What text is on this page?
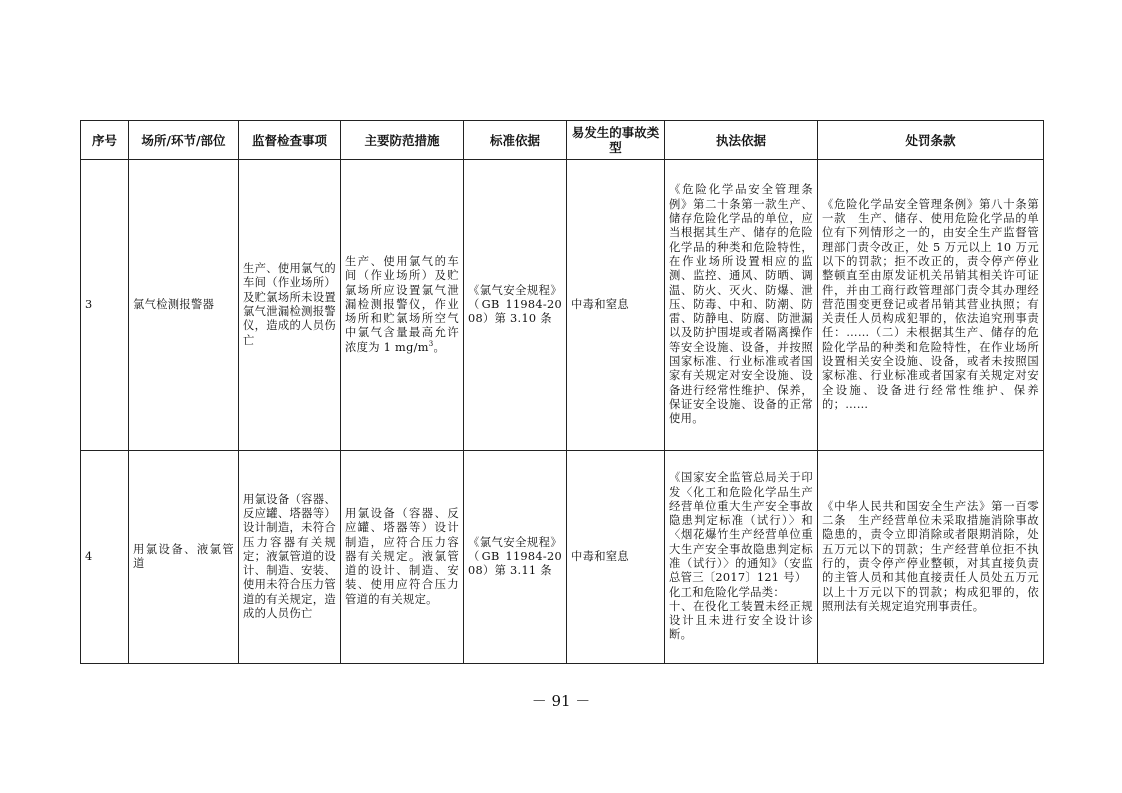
序号	场所/环节/部位	监督检查事项	主要防范措施	标准依据	易发生的事故类型	执法依据	处罚条款
3	氯气检测报警器	生产、使用氯气的车间（作业场所）及贮氯场所未设置氯气泄漏检测报警仪，造成的人员伤亡	生产、使用氯气的车间（作业场所）及贮氯场所应设置氯气泄漏检测报警仪，作业场所和贮氯场所空气中氯气含量最高允许浓度为 1 $mg/m^3$。	《氯气安全规程》（GB 11984-2008）第 3.10 条	中毒和窒息	《危险化学品安全管理条例》第二十条第一款生产、储存危险化学品的单位，应当根据其生产、储存的危险化学品的种类和危险特性，在作业场所设置相应的监测、监控、通风、防晒、调温、防火、灭火、防爆、泄压、防毒、中和、防潮、防雷、防静电、防腐、防泄漏以及防护围堤或者隔离操作等安全设施、设备，并按照国家标准、行业标准或者国家有关规定对安全设施、设备进行经常性维护、保养，保证安全设施、设备的正常使用。	《危险化学品安全管理条例》第八十条第一款　生产、储存、使用危险化学品的单位有下列情形之一的，由安全生产监督管理部门责令改正，处 5 万元以上 10 万元以下的罚款；拒不改正的，责令停产停业整顿直至由原发证机关吊销其相关许可证件，并由工商行政管理部门责令其办理经营范围变更登记或者吊销其营业执照；有关责任人员构成犯罪的，依法追究刑事责任：……（二）未根据其生产、储存的危险化学品的种类和危险特性，在作业场所设置相关安全设施、设备，或者未按照国家标准、行业标准或者国家有关规定对安全设施、设备进行经常性维护、保养的；……
4	用氯设备、液氯管道	用氯设备（容器、反应罐、塔器等）设计制造，未符合压力容器有关规定；液氯管道的设计、制造、安装、使用未符合压力管道的有关规定，造成的人员伤亡	用氯设备（容器、反应罐、塔器等）设计制造，应符合压力容器有关规定。液氯管道的设计、制造、安装、使用应符合压力管道的有关规定。	《氯气安全规程》（GB 11984-2008）第 3.11 条	中毒和窒息	《国家安全监管总局关于印发〈化工和危险化学品生产经营单位重大生产安全事故隐患判定标准（试行）〉和〈烟花爆竹生产经营单位重大生产安全事故隐患判定标准（试行）〉的通知》（安监总管三〔2017〕121 号）
化工和危险化学品类：
十、在役化工装置未经正规设计且未进行安全设计诊断。	《中华人民共和国安全生产法》第一百零二条　生产经营单位未采取措施消除事故隐患的，责令立即消除或者限期消除，处五万元以下的罚款；生产经营单位拒不执行的，责令停产停业整顿，对其直接负责的主管人员和其他直接责任人员处五万元以上十万元以下的罚款；构成犯罪的，依照刑法有关规定追究刑事责任。
－ 91 －
